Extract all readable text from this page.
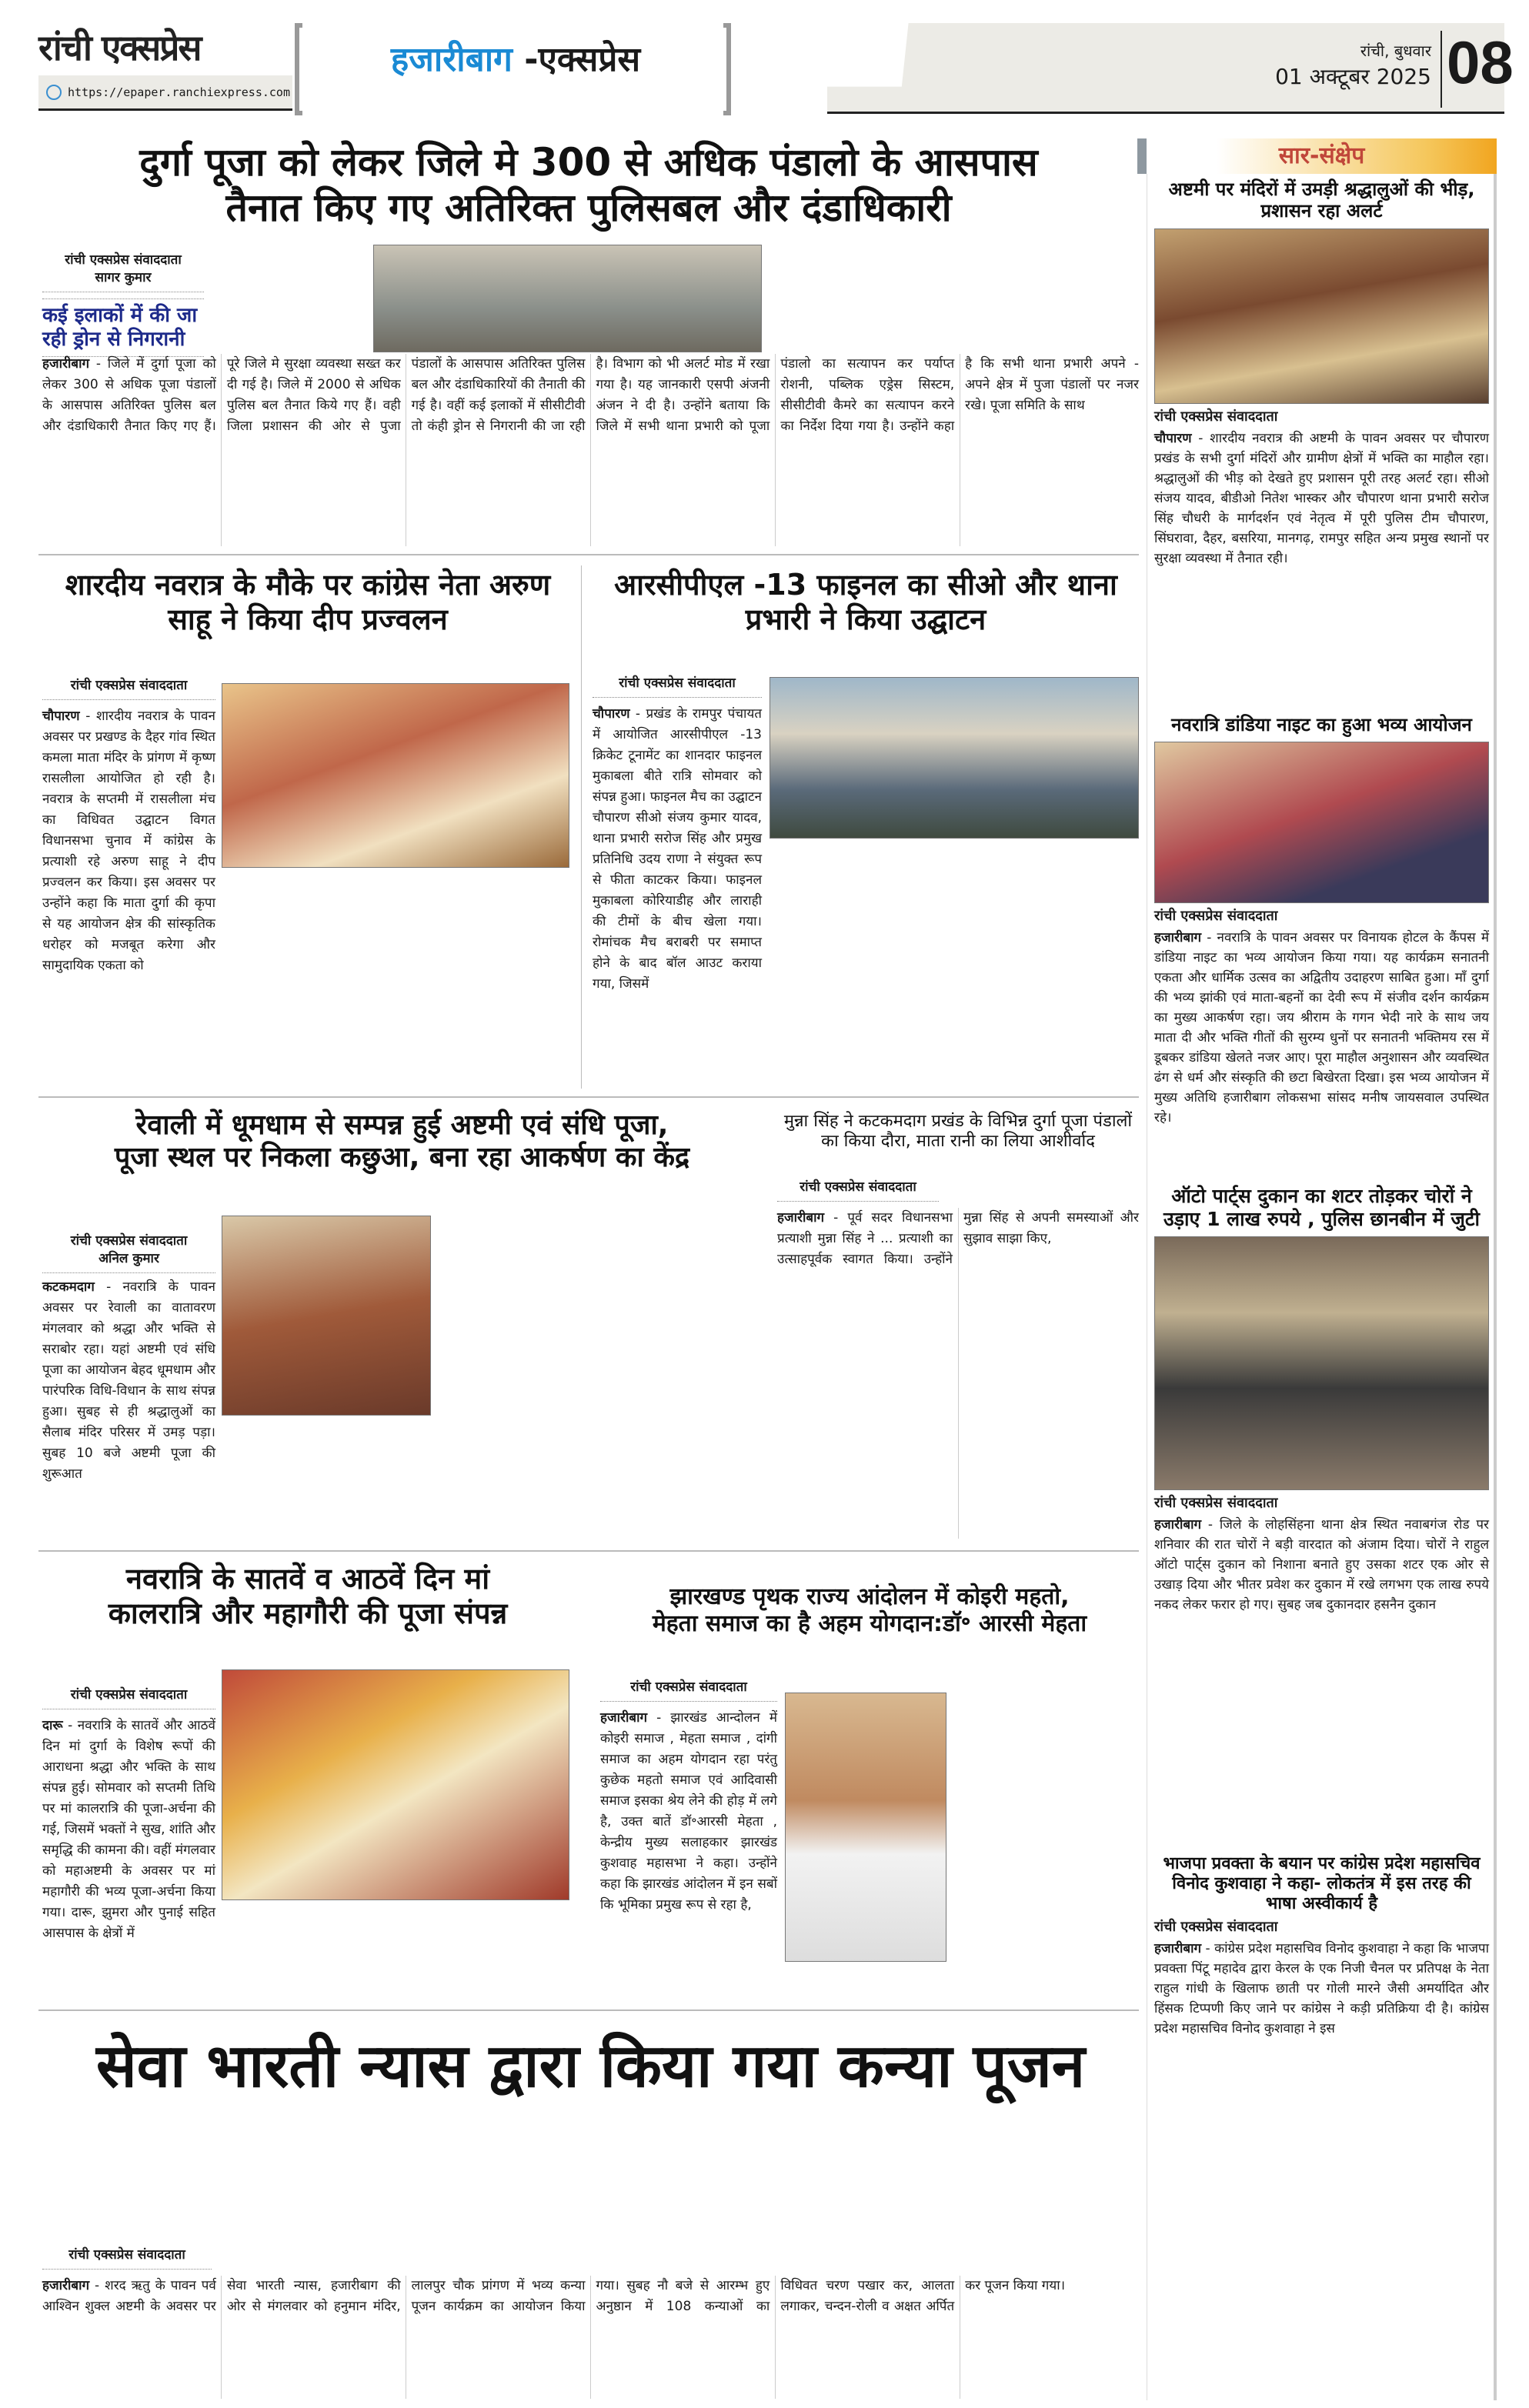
रांची एक्सप्रेस
https://epaper.ranchiexpress.com
हजारीबाग -एक्सप्रेस	रांची, बुधवार
01 अक्टूबर 2025 08
दुर्गा पूजा को लेकर जिले मे 300 से अधिक पंडालो के आसपास
तैनात किए गए अतिरिक्त पुलिसबल और दंडाधिकारी
रांची एक्सप्रेस संवाददाता
सागर कुमार
कई इलाकों में की जा रही ड्रोन से निगरानी
हजारीबाग - जिले में दुर्गा पूजा को लेकर 300 से अधिक पूजा पंडालों के आसपास अतिरिक्त पुलिस बल और दंडाधिकारी तैनात किए गए हैं। पूरे जिले मे सुरक्षा व्यवस्था सख्त कर दी गई है। जिले में 2000 से अधिक पुलिस बल तैनात किये गए हैं। वही जिला प्रशासन की ओर से पुजा पंडालों के आसपास अतिरिक्त पुलिस बल और दंडाधिकारियों की तैनाती की गई है। वहीं कई इलाकों में सीसीटीवी तो कंही ड्रोन से निगरानी की जा रही है। विभाग को भी अलर्ट मोड में रखा गया है। यह जानकारी एसपी अंजनी अंजन ने दी है। उन्होंने बताया कि जिले में सभी थाना प्रभारी को पूजा पंडालो का सत्यापन कर पर्याप्त रोशनी, पब्लिक एड्रेस सिस्टम, सीसीटीवी कैमरे का सत्यापन करने का निर्देश दिया गया है। उन्होंने कहा है कि सभी थाना प्रभारी अपने - अपने क्षेत्र में पुजा पंडालों पर नजर रखे। पूजा समिति के साथ
शारदीय नवरात्र के मौके पर कांग्रेस नेता अरुण साहू ने किया दीप प्रज्वलन
रांची एक्सप्रेस संवाददाता
चौपारण - शारदीय नवरात्र के पावन अवसर पर प्रखण्ड के दैहर गांव स्थित कमला माता मंदिर के प्रांगण में कृष्ण रासलीला आयोजित हो रही है। नवरात्र के सप्तमी में रासलीला मंच का विधिवत उद्घाटन विगत विधानसभा चुनाव में कांग्रेस के प्रत्याशी रहे अरुण साहू ने दीप प्रज्वलन कर किया। इस अवसर पर उन्होंने कहा कि माता दुर्गा की कृपा से यह आयोजन क्षेत्र की सांस्कृतिक धरोहर को मजबूत करेगा और सामुदायिक एकता को
आरसीपीएल -13 फाइनल का सीओ और थाना प्रभारी ने किया उद्घाटन
रांची एक्सप्रेस संवाददाता
चौपारण - प्रखंड के रामपुर पंचायत में आयोजित आरसीपीएल -13 क्रिकेट टूनामेंट का शानदार फाइनल मुकाबला बीते रात्रि सोमवार को संपन्न हुआ। फाइनल मैच का उद्घाटन चौपारण सीओ संजय कुमार यादव, थाना प्रभारी सरोज सिंह और प्रमुख प्रतिनिधि उदय राणा ने संयुक्त रूप से फीता काटकर किया। फाइनल मुकाबला कोरियाडीह और लाराही की टीमों के बीच खेला गया। रोमांचक मैच बराबरी पर समाप्त होने के बाद बॉल आउट कराया गया, जिसमें
रेवाली में धूमधाम से सम्पन्न हुई अष्टमी एवं संधि पूजा,
पूजा स्थल पर निकला कछुआ, बना रहा आकर्षण का केंद्र
रांची एक्सप्रेस संवाददाता
अनिल कुमार
कटकमदाग - नवरात्रि के पावन अवसर पर रेवाली का वातावरण मंगलवार को श्रद्धा और भक्ति से सराबोर रहा। यहां अष्टमी एवं संधि पूजा का आयोजन बेहद धूमधाम और पारंपरिक विधि-विधान के साथ संपन्न हुआ। सुबह से ही श्रद्धालुओं का सैलाब मंदिर परिसर में उमड़ पड़ा। सुबह 10 बजे अष्टमी पूजा की शुरूआत
मुन्ना सिंह ने कटकमदाग प्रखंड के विभिन्न दुर्गा पूजा पंडालों का किया दौरा, माता रानी का लिया आशीर्वाद
रांची एक्सप्रेस संवाददाता
हजारीबाग - पूर्व सदर विधानसभा प्रत्याशी मुन्ना सिंह ने ... प्रत्याशी का उत्साहपूर्वक स्वागत किया। उन्होंने मुन्ना सिंह से अपनी समस्याओं और सुझाव साझा किए,
नवरात्रि के सातवें व आठवें दिन मां
कालरात्रि और महागौरी की पूजा संपन्न
रांची एक्सप्रेस संवाददाता
दारू - नवरात्रि के सातवें और आठवें दिन मां दुर्गा के विशेष रूपों की आराधना श्रद्धा और भक्ति के साथ संपन्न हुई। सोमवार को सप्तमी तिथि पर मां कालरात्रि की पूजा-अर्चना की गई, जिसमें भक्तों ने सुख, शांति और समृद्धि की कामना की। वहीं मंगलवार को महाअष्टमी के अवसर पर मां महागौरी की भव्य पूजा-अर्चना किया गया। दारू, झुमरा और पुनाई सहित आसपास के क्षेत्रों में
झारखण्ड पृथक राज्य आंदोलन में कोइरी महतो,
मेहता समाज का है अहम योगदान:डॉ॰ आरसी मेहता
रांची एक्सप्रेस संवाददाता
हजारीबाग - झारखंड आन्दोलन में कोइरी समाज , मेहता समाज , दांगी समाज का अहम योगदान रहा परंतु कुछेक महतो समाज एवं आदिवासी समाज इसका श्रेय लेने की होड़ में लगे है, उक्त बातें डॉ॰आरसी मेहता , केन्द्रीय मुख्य सलाहकार झारखंड कुशवाह महासभा ने कहा। उन्होंने कहा कि झारखंड आंदोलन में इन सबों कि भूमिका प्रमुख रूप से रहा है,
सेवा भारती न्यास द्वारा किया गया कन्या पूजन
रांची एक्सप्रेस संवाददाता
हजारीबाग - शरद ऋतु के पावन पर्व आश्विन शुक्ल अष्टमी के अवसर पर सेवा भारती न्यास, हजारीबाग की ओर से मंगलवार को हनुमान मंदिर, लालपुर चौक प्रांगण में भव्य कन्या पूजन कार्यक्रम का आयोजन किया गया। सुबह नौ बजे से आरम्भ हुए अनुष्ठान में 108 कन्याओं का विधिवत चरण पखार कर, आलता लगाकर, चन्दन-रोली व अक्षत अर्पित कर पूजन किया गया।
सार-संक्षेप
अष्टमी पर मंदिरों में उमड़ी श्रद्धालुओं की भीड़, प्रशासन रहा अलर्ट
रांची एक्सप्रेस संवाददाता
चौपारण - शारदीय नवरात्र की अष्टमी के पावन अवसर पर चौपारण प्रखंड के सभी दुर्गा मंदिरों और ग्रामीण क्षेत्रों में भक्ति का माहौल रहा। श्रद्धालुओं की भीड़ को देखते हुए प्रशासन पूरी तरह अलर्ट रहा। सीओ संजय यादव, बीडीओ नितेश भास्कर और चौपारण थाना प्रभारी सरोज सिंह चौधरी के मार्गदर्शन एवं नेतृत्व में पूरी पुलिस टीम चौपारण, सिंघरावा, दैहर, बसरिया, मानगढ़, रामपुर सहित अन्य प्रमुख स्थानों पर सुरक्षा व्यवस्था में तैनात रही।
नवरात्रि डांडिया नाइट का हुआ भव्य आयोजन
रांची एक्सप्रेस संवाददाता
हजारीबाग - नवरात्रि के पावन अवसर पर विनायक होटल के कैंपस में डांडिया नाइट का भव्य आयोजन किया गया। यह कार्यक्रम सनातनी एकता और धार्मिक उत्सव का अद्वितीय उदाहरण साबित हुआ। माँ दुर्गा की भव्य झांकी एवं माता-बहनों का देवी रूप में संजीव दर्शन कार्यक्रम का मुख्य आकर्षण रहा। जय श्रीराम के गगन भेदी नारे के साथ जय माता दी और भक्ति गीतों की सुरम्य धुनों पर सनातनी भक्तिमय रस में डूबकर डांडिया खेलते नजर आए। पूरा माहौल अनुशासन और व्यवस्थित ढंग से धर्म और संस्कृति की छटा बिखेरता दिखा। इस भव्य आयोजन में मुख्य अतिथि हजारीबाग लोकसभा सांसद मनीष जायसवाल उपस्थित रहे।
ऑटो पार्ट्स दुकान का शटर तोड़कर चोरों ने उड़ाए 1 लाख रुपये , पुलिस छानबीन में जुटी
रांची एक्सप्रेस संवाददाता
हजारीबाग - जिले के लोहसिंहना थाना क्षेत्र स्थित नवाबगंज रोड पर शनिवार की रात चोरों ने बड़ी वारदात को अंजाम दिया। चोरों ने राहुल ऑटो पार्ट्स दुकान को निशाना बनाते हुए उसका शटर एक ओर से उखाड़ दिया और भीतर प्रवेश कर दुकान में रखे लगभग एक लाख रुपये नकद लेकर फरार हो गए। सुबह जब दुकानदार हसनैन दुकान
भाजपा प्रवक्ता के बयान पर कांग्रेस प्रदेश महासचिव विनोद कुशवाहा ने कहा- लोकतंत्र में इस तरह की भाषा अस्वीकार्य है
रांची एक्सप्रेस संवाददाता
हजारीबाग - कांग्रेस प्रदेश महासचिव विनोद कुशवाहा ने कहा कि भाजपा प्रवक्ता पिंटू महादेव द्वारा केरल के एक निजी चैनल पर प्रतिपक्ष के नेता राहुल गांधी के खिलाफ छाती पर गोली मारने जैसी अमर्यादित और हिंसक टिप्पणी किए जाने पर कांग्रेस ने कड़ी प्रतिक्रिया दी है। कांग्रेस प्रदेश महासचिव विनोद कुशवाहा ने इस
